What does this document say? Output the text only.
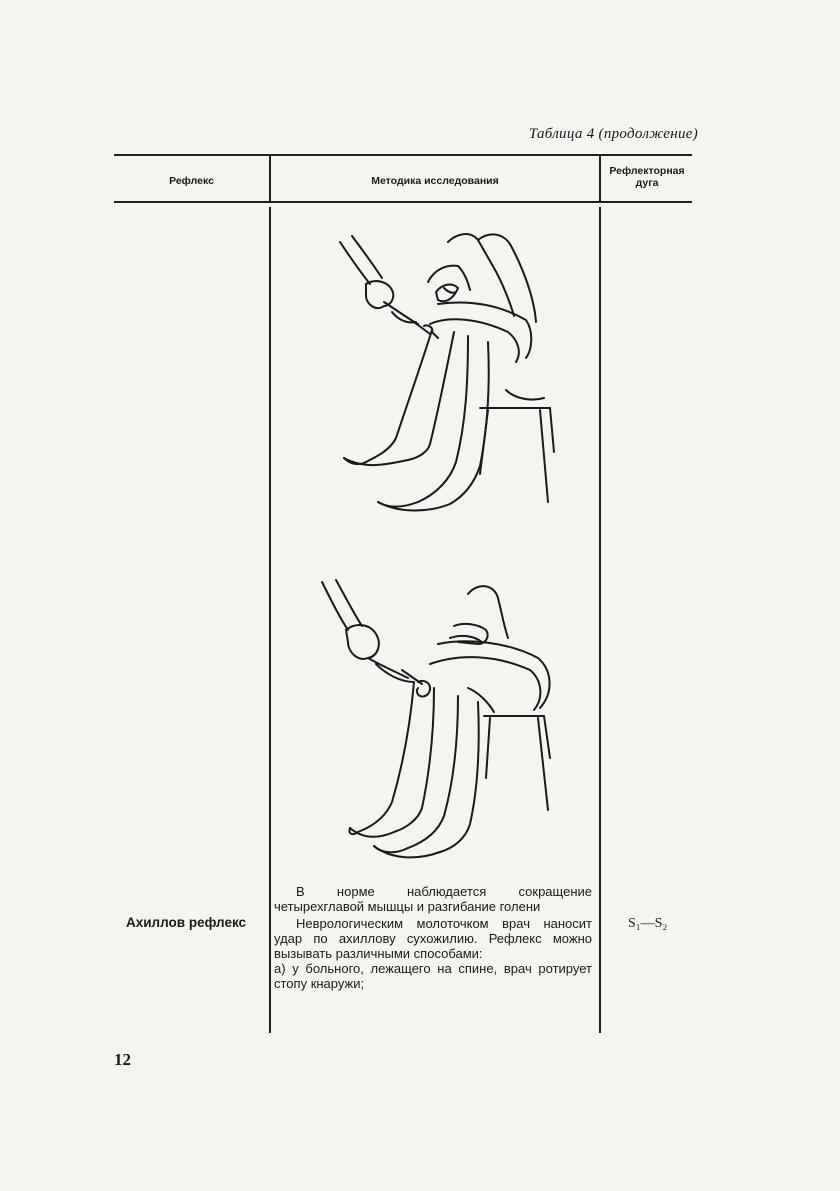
Таблица 4 (продолжение)
Рефлекс	Методика исследования
Рефлекторная
дуга

В норме наблюдается сокращение четырехглавой мышцы и разгибание голени

Неврологическим молоточком врач наносит удар по ахиллову сухожилию. Рефлекс можно вызывать различными способами:

а) у больного, лежащего на спине, врач ротирует стопу кнаружи;

Ахиллов рефлекс	S₁—S₂
12
